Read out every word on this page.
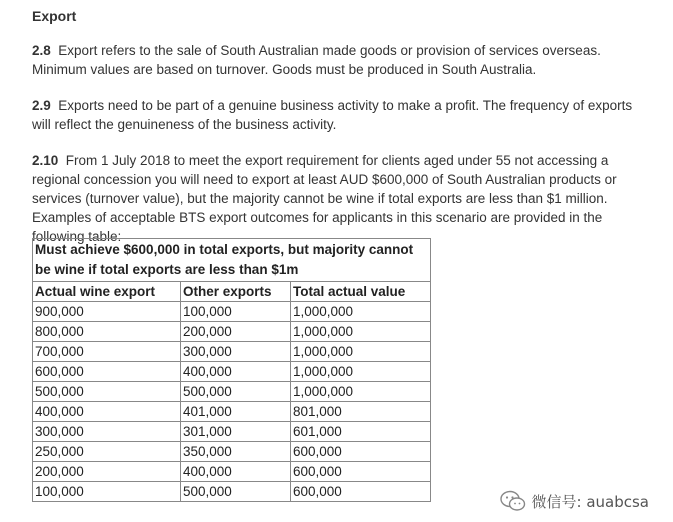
Export

2.8 Export refers to the sale of South Australian made goods or provision of services overseas. Minimum values are based on turnover. Goods must be produced in South Australia.

2.9 Exports need to be part of a genuine business activity to make a profit. The frequency of exports will reflect the genuineness of the business activity.

2.10 From 1 July 2018 to meet the export requirement for clients aged under 55 not accessing a regional concession you will need to export at least AUD $600,000 of South Australian products or services (turnover value), but the majority cannot be wine if total exports are less than $1 million. Examples of acceptable BTS export outcomes for applicants in this scenario are provided in the following table:

Must achieve $600,000 in total exports, but majority cannot be wine if total exports are less than $1m		
Actual wine export	Other exports	Total actual value
900,000	100,000	1,000,000
800,000	200,000	1,000,000
700,000	300,000	1,000,000
600,000	400,000	1,000,000
500,000	500,000	1,000,000
400,000	401,000	801,000
300,000	301,000	601,000
250,000	350,000	600,000
200,000	400,000	600,000
100,000	500,000	600,000
微信号: auabcsa
